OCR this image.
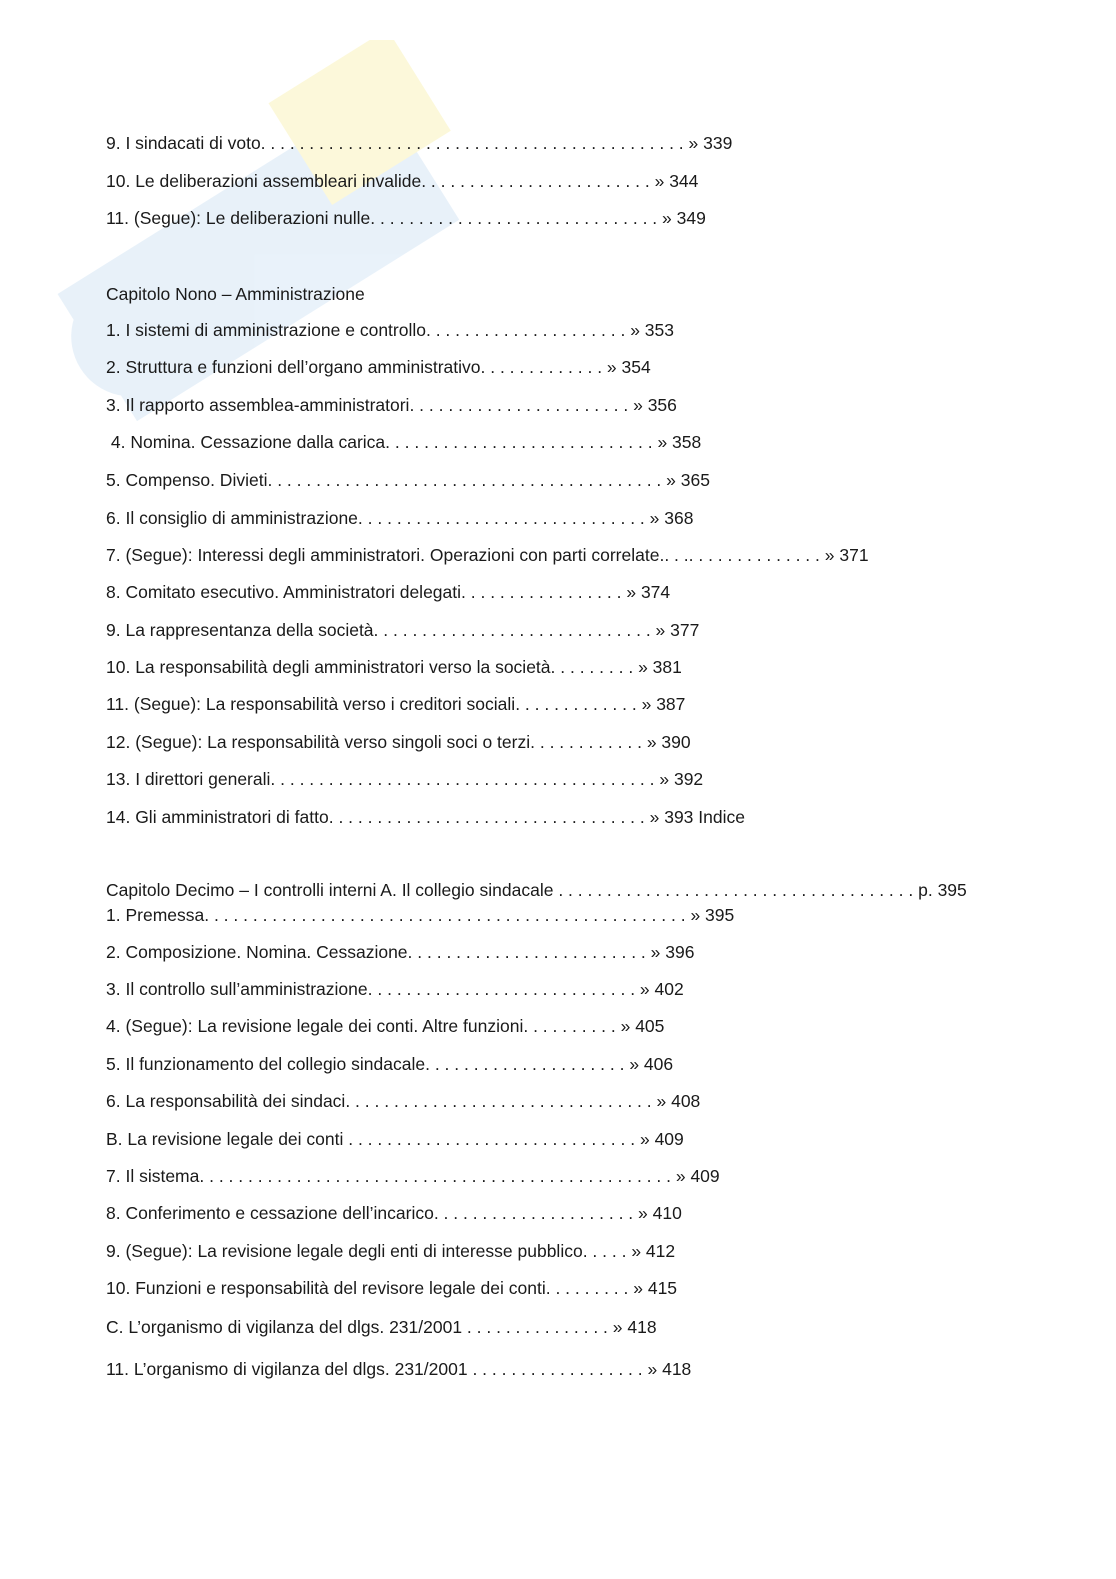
9. I sindacati di voto. . . . . . . . . . . . . . . . . . . . . . . . . . . . . . . . . . . . . . . . . . . . » 339
10. Le deliberazioni assembleari invalide. . . . . . . . . . . . . . . . . . . . . . . . » 344
11. (Segue): Le deliberazioni nulle. . . . . . . . . . . . . . . . . . . . . . . . . . . . . . » 349
Capitolo Nono – Amministrazione
1. I sistemi di amministrazione e controllo. . . . . . . . . . . . . . . . . . . . . » 353
2. Struttura e funzioni dell’organo amministrativo. . . . . . . . . . . . . » 354
3. Il rapporto assemblea-amministratori. . . . . . . . . . . . . . . . . . . . . . . » 356
4. Nomina. Cessazione dalla carica. . . . . . . . . . . . . . . . . . . . . . . . . . . . » 358
5. Compenso. Divieti. . . . . . . . . . . . . . . . . . . . . . . . . . . . . . . . . . . . . . . . . » 365
6. Il consiglio di amministrazione. . . . . . . . . . . . . . . . . . . . . . . . . . . . . . » 368
7. (Segue): Interessi degli amministratori. Operazioni con parti correlate.. . .. . . . . . . . . . . . . . » 371
8. Comitato esecutivo. Amministratori delegati. . . . . . . . . . . . . . . . . » 374
9. La rappresentanza della società. . . . . . . . . . . . . . . . . . . . . . . . . . . . . » 377
10. La responsabilità degli amministratori verso la società. . . . . . . . . » 381
11. (Segue): La responsabilità verso i creditori sociali. . . . . . . . . . . . . » 387
12. (Segue): La responsabilità verso singoli soci o terzi. . . . . . . . . . . . » 390
13. I direttori generali. . . . . . . . . . . . . . . . . . . . . . . . . . . . . . . . . . . . . . . . » 392
14. Gli amministratori di fatto. . . . . . . . . . . . . . . . . . . . . . . . . . . . . . . . . » 393 Indice
Capitolo Decimo – I controlli interni A. Il collegio sindacale . . . . . . . . . . . . . . . . . . . . . . . . . . . . . . . . . . . . . p. 395
1. Premessa. . . . . . . . . . . . . . . . . . . . . . . . . . . . . . . . . . . . . . . . . . . . . . . . . . » 395
2. Composizione. Nomina. Cessazione. . . . . . . . . . . . . . . . . . . . . . . . . » 396
3. Il controllo sull’amministrazione. . . . . . . . . . . . . . . . . . . . . . . . . . . . » 402
4. (Segue): La revisione legale dei conti. Altre funzioni. . . . . . . . . . » 405
5. Il funzionamento del collegio sindacale. . . . . . . . . . . . . . . . . . . . . » 406
6. La responsabilità dei sindaci. . . . . . . . . . . . . . . . . . . . . . . . . . . . . . . . » 408
B. La revisione legale dei conti . . . . . . . . . . . . . . . . . . . . . . . . . . . . . . » 409
7. Il sistema. . . . . . . . . . . . . . . . . . . . . . . . . . . . . . . . . . . . . . . . . . . . . . . . . » 409
8. Conferimento e cessazione dell’incarico. . . . . . . . . . . . . . . . . . . . . » 410
9. (Segue): La revisione legale degli enti di interesse pubblico. . . . . » 412
10. Funzioni e responsabilità del revisore legale dei conti. . . . . . . . . » 415
C. L’organismo di vigilanza del dlgs. 231/2001 . . . . . . . . . . . . . . . » 418
11. L’organismo di vigilanza del dlgs. 231/2001 . . . . . . . . . . . . . . . . . . » 418
